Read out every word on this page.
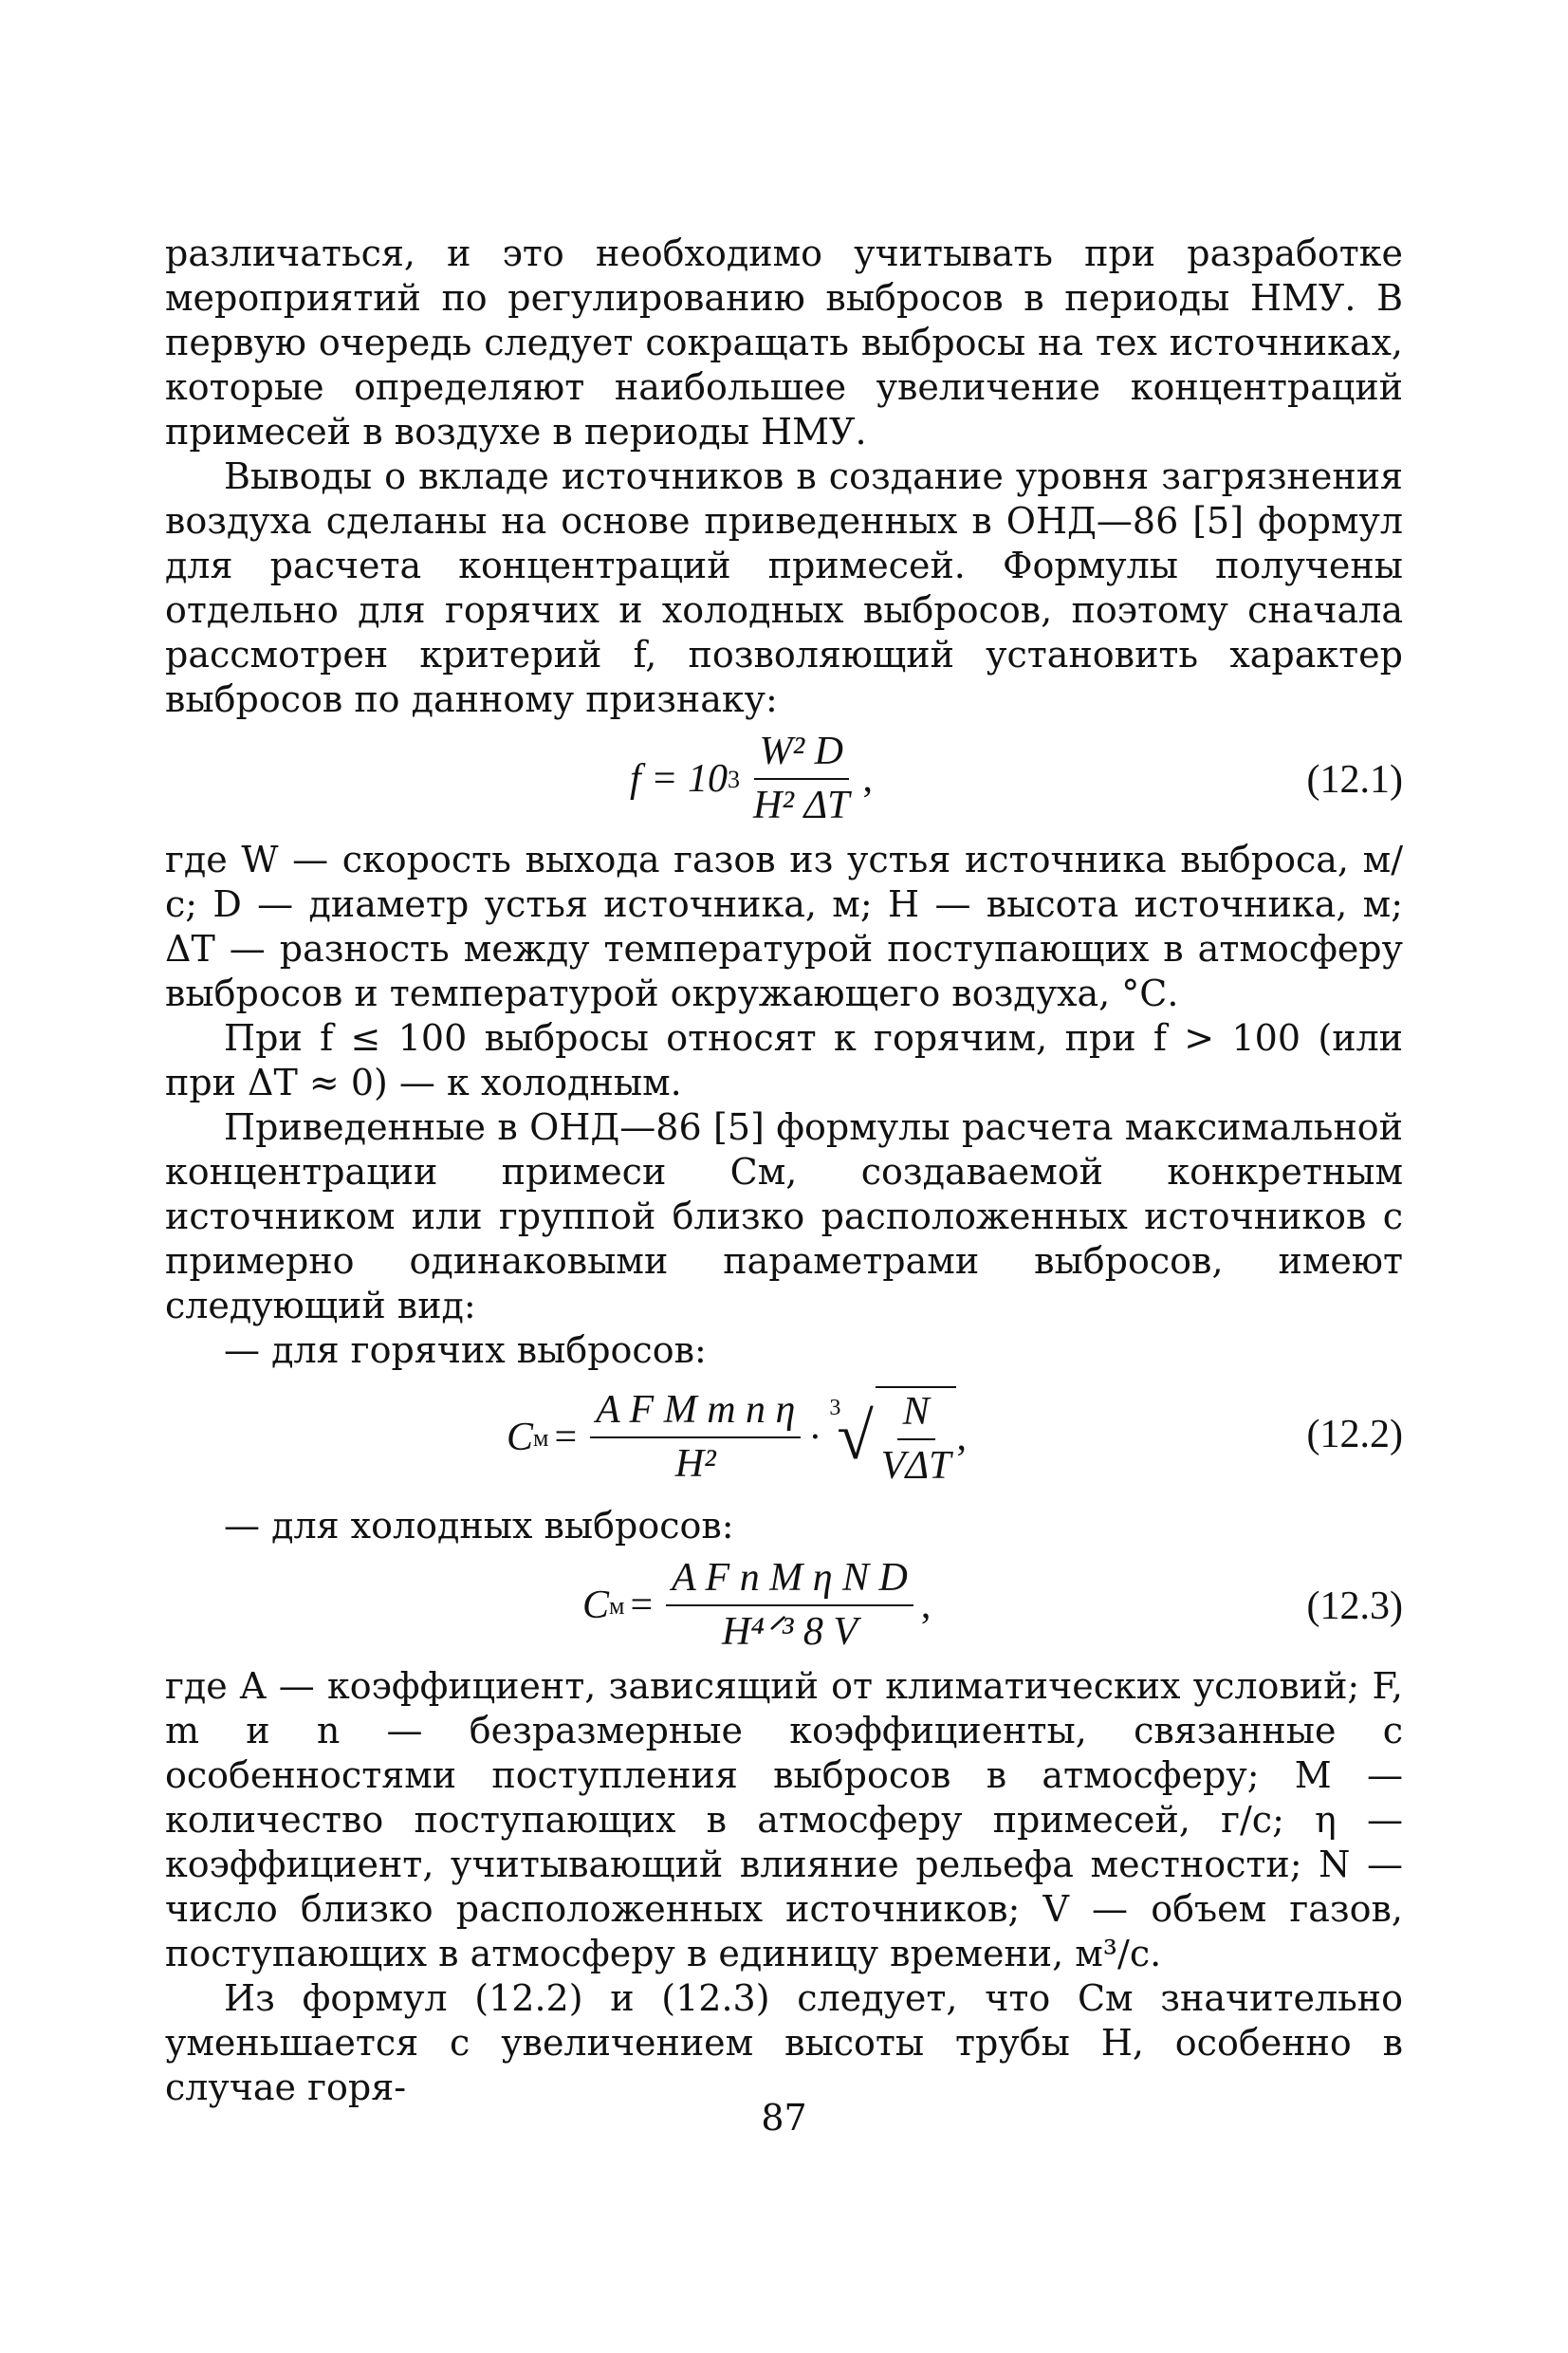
различаться, и это необходимо учитывать при разработке мероприятий по регулированию выбросов в периоды НМУ. В первую очередь следует сокращать выбросы на тех источниках, которые определяют наибольшее увеличение концентраций примесей в воздухе в периоды НМУ.

Выводы о вкладе источников в создание уровня загрязнения воздуха сделаны на основе приведенных в ОНД—86 [5] формул для расчета концентраций примесей. Формулы получены отдельно для горячих и холодных выбросов, поэтому сначала рассмотрен критерий f, позволяющий установить характер выбросов по данному признаку:

f = 10 $3 \frac{\text{W² D}}{\text{H² ΔT}}$ ,	(12.1)

где W — скорость выхода газов из устья источника выброса, м/с; D — диаметр устья источника, м; H — высота источника, м; ΔT — разность между температурой поступающих в атмосферу выбросов и температурой окружающего воздуха, °С.

При f ≤ 100 выбросы относят к горячим, при f > 100 (или при ΔT ≈ 0) — к холодным.

Приведенные в ОНД—86 [5] формулы расчета максимальной концентрации примеси Cм, создаваемой конкретным источником или группой близко расположенных источников с примерно одинаковыми параметрами выбросов, имеют следующий вид:

— для горячих выбросов:

C $м = \frac{\text{A F M m n η}}{\text{H²}}$ ·
3
√ $\frac{N}{\text{VΔT}}$ ,	(12.2)

— для холодных выбросов:

C $м = \frac{\text{A F n M η N D}}{\text{H⁴ᐟ³ 8 V}}$ ,	(12.3)

где A — коэффициент, зависящий от климатических условий; F, m и n — безразмерные коэффициенты, связанные с особенностями поступления выбросов в атмосферу; M — количество поступающих в атмосферу примесей, г/с; η — коэффициент, учитывающий влияние рельефа местности; N — число близко расположенных источников; V — объем газов, поступающих в атмосферу в единицу времени, м³/с.

Из формул (12.2) и (12.3) следует, что Cм значительно уменьшается с увеличением высоты трубы H, особенно в случае горя-

87
